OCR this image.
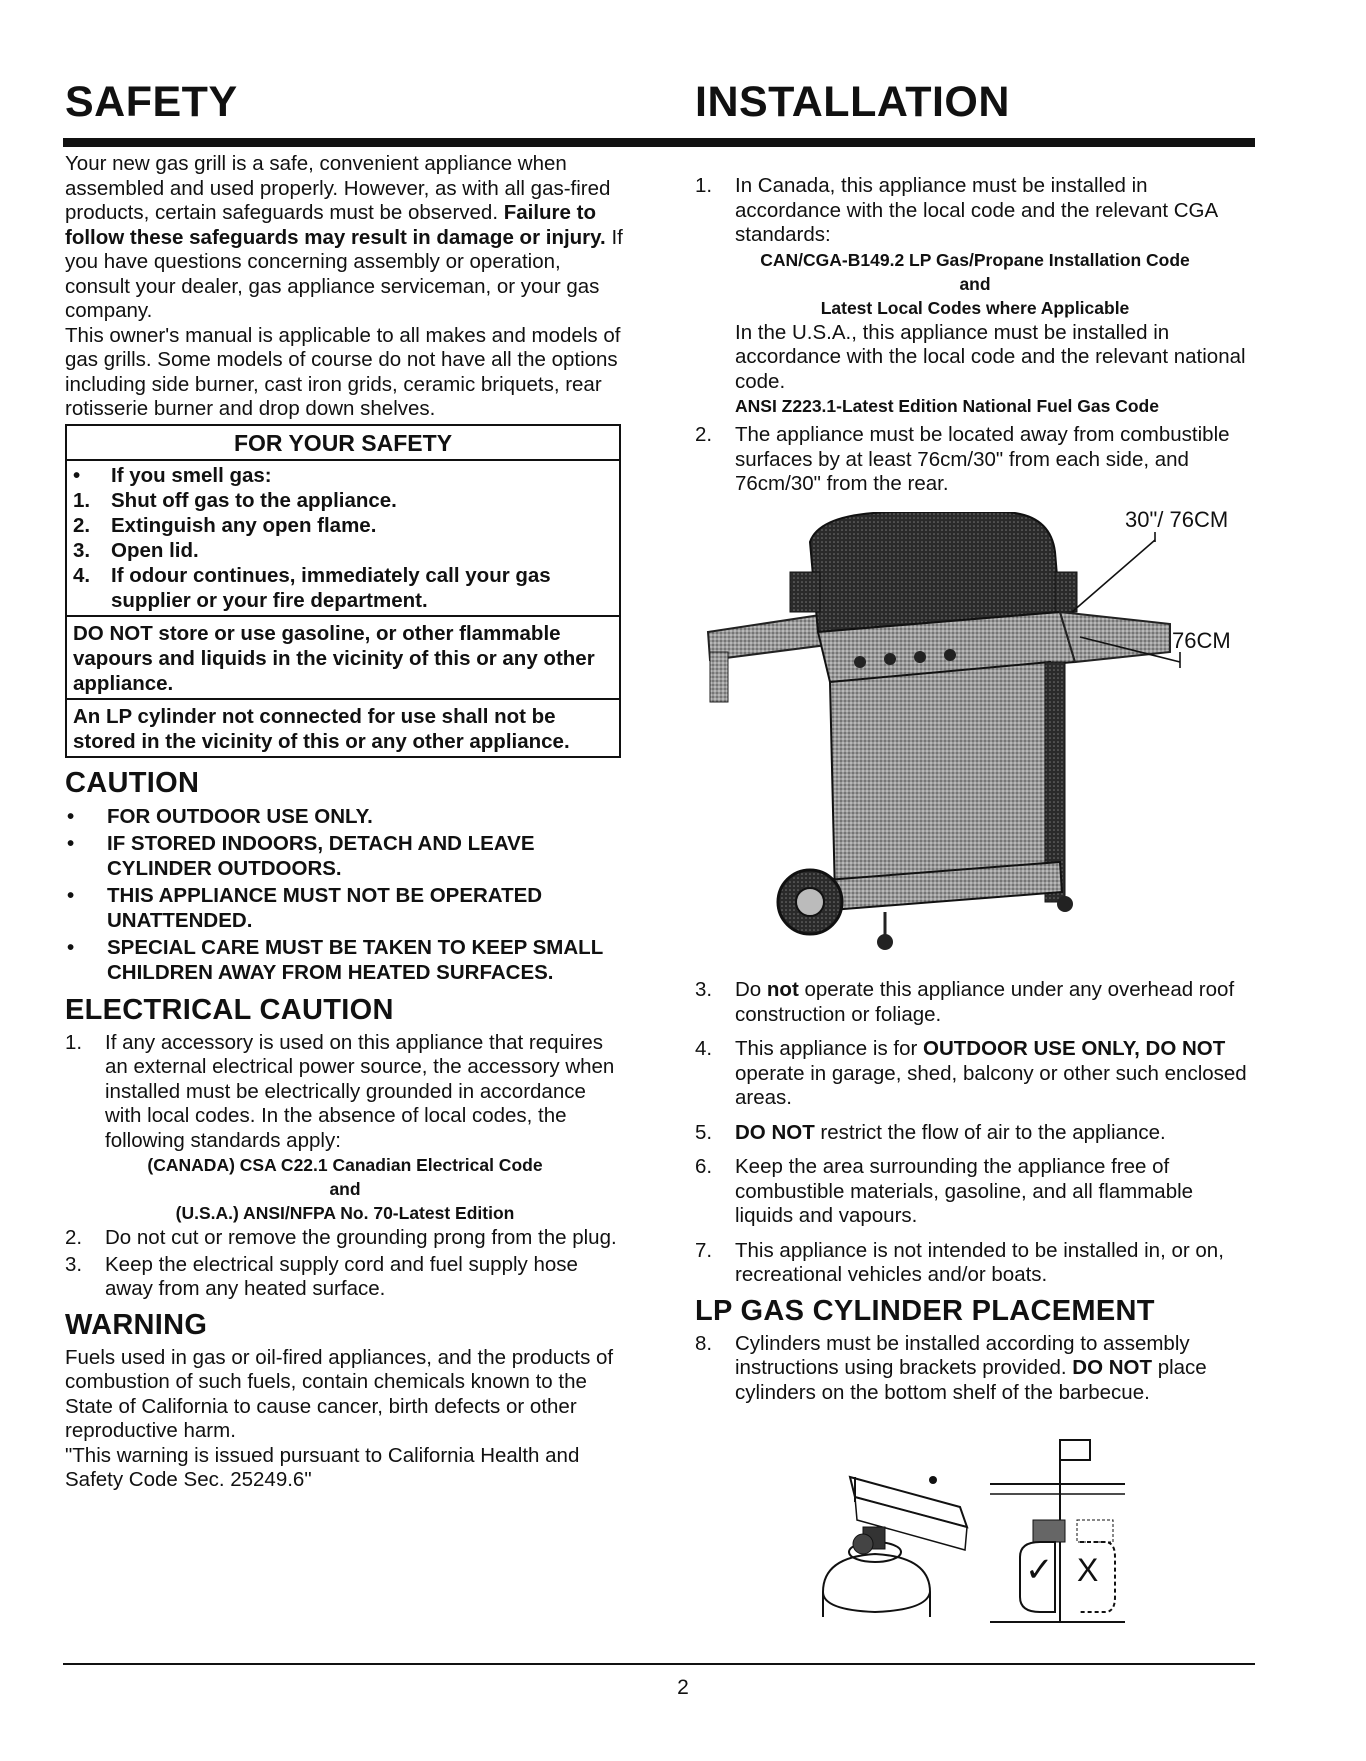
SAFETY	INSTALLATION

Your new gas grill is a safe, convenient appliance when assembled and used properly. However, as with all gas-fired products, certain safeguards must be observed. Failure to follow these safeguards may result in damage or injury. If you have questions concerning assembly or operation, consult your dealer, gas appliance serviceman, or your gas company.

This owner's manual is applicable to all makes and models of gas grills. Some models of course do not have all the options including side burner, cast iron grids, ceramic briquets, rear rotisserie burner and drop down shelves.

FOR YOUR SAFETY
•	If you smell gas:
1.	Shut off gas to the appliance.
2.	Extinguish any open flame.
3.	Open lid.
4.	If odour continues, immediately call your gas supplier or your fire department.
DO NOT store or use gasoline, or other flammable vapours and liquids in the vicinity of this or any other appliance.
An LP cylinder not connected for use shall not be stored in the vicinity of this or any other appliance.
CAUTION
•	FOR OUTDOOR USE ONLY.
•	IF STORED INDOORS, DETACH AND LEAVE CYLINDER OUTDOORS.
•	THIS APPLIANCE MUST NOT BE OPERATED UNATTENDED.
•	SPECIAL CARE MUST BE TAKEN TO KEEP SMALL CHILDREN AWAY FROM HEATED SURFACES.
ELECTRICAL CAUTION
1.	If any accessory is used on this appliance that requires an external electrical power source, the accessory when installed must be electrically grounded in accordance with local codes. In the absence of local codes, the following standards apply:
(CANADA) CSA C22.1 Canadian Electrical Code
and
(U.S.A.) ANSI/NFPA No. 70-Latest Edition
2.	Do not cut or remove the grounding prong from the plug.
3.	Keep the electrical supply cord and fuel supply hose away from any heated surface.
WARNING

Fuels used in gas or oil-fired appliances, and the products of combustion of such fuels, contain chemicals known to the State of California to cause cancer, birth defects or other reproductive harm.

"This warning is issued pursuant to California Health and Safety Code Sec. 25249.6"

1.	In Canada, this appliance must be installed in accordance with the local code and the relevant CGA standards:
CAN/CGA-B149.2 LP Gas/Propane Installation Code
and
Latest Local Codes where Applicable
In the U.S.A., this appliance must be installed in accordance with the local code and the relevant national code.
ANSI Z223.1-Latest Edition National Fuel Gas Code
2.	The appliance must be located away from combustible surfaces by at least 76cm/30" from each side, and 76cm/30" from the rear.
30"/ 76CM
76CM
3.	Do not operate this appliance under any overhead roof construction or foliage.
4.	This appliance is for OUTDOOR USE ONLY, DO NOT operate in garage, shed, balcony or other such enclosed areas.
5.	DO NOT restrict the flow of air to the appliance.
6.	Keep the area surrounding the appliance free of combustible materials, gasoline, and all flammable liquids and vapours.
7.	This appliance is not intended to be installed in, or on, recreational vehicles and/or boats.
LP GAS CYLINDER PLACEMENT
8.	Cylinders must be installed according to assembly instructions using brackets provided. DO NOT place cylinders on the bottom shelf of the barbecue.
✓ X
2
